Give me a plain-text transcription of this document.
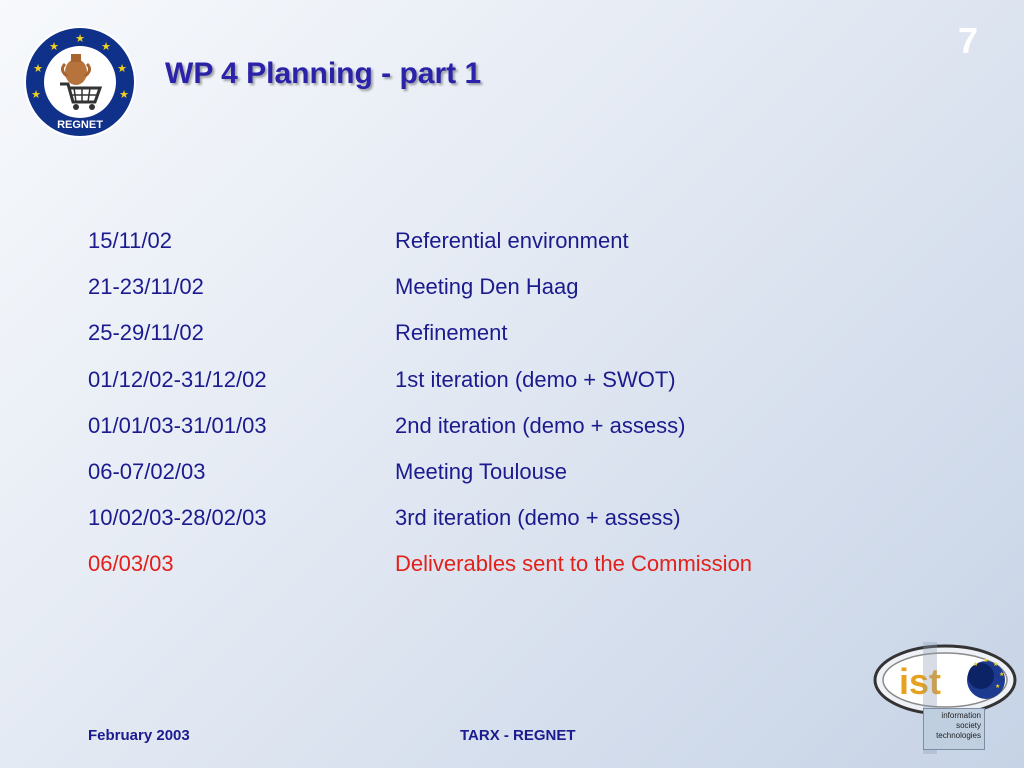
★
★	★
★	★
★	★
REGNET
7
WP 4 Planning - part 1
15/11/02	Referential environment
21-23/11/02	Meeting Den Haag
25-29/11/02	Refinement
01/12/02-31/12/02	1st iteration (demo + SWOT)
01/01/03-31/01/03	2nd iteration (demo + assess)
06-07/02/03	Meeting Toulouse
10/02/03-28/02/03	3rd iteration (demo + assess)
06/03/03	Deliverables sent to the Commission
February 2003	TARX - REGNET
ist	★
★
★
★
★
information
society
technologies
